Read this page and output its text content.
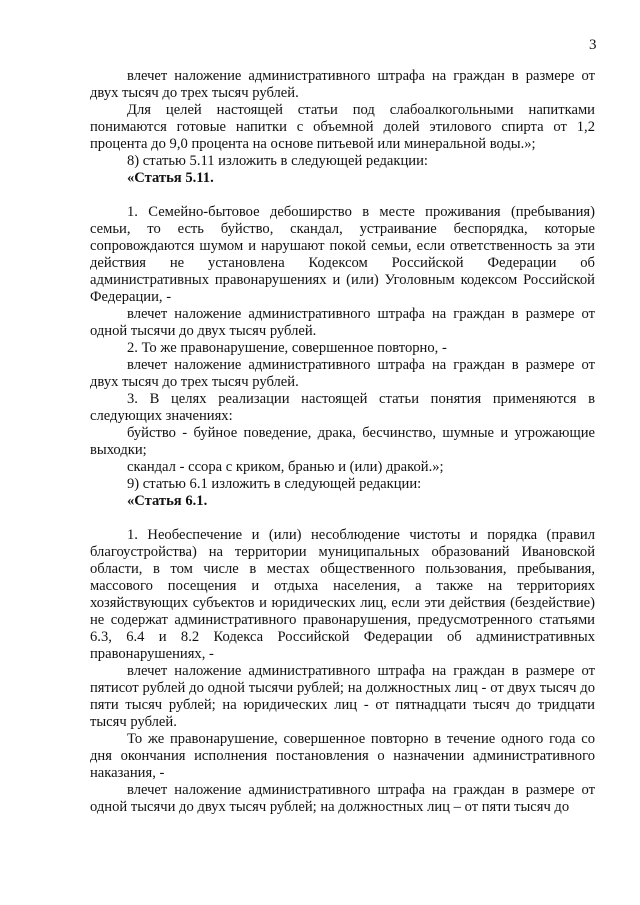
3

влечет наложение административного штрафа на граждан в размере от двух тысяч до трех тысяч рублей.

Для целей настоящей статьи под слабоалкогольными напитками понимаются готовые напитки с объемной долей этилового спирта от 1,2 процента до 9,0 процента на основе питьевой или минеральной воды.»;

8) статью 5.11 изложить в следующей редакции:

«Статья 5.11.

1. Семейно-бытовое дебоширство в месте проживания (пребывания) семьи, то есть буйство, скандал, устраивание беспорядка, которые сопровождаются шумом и нарушают покой семьи, если ответственность за эти действия не установлена Кодексом Российской Федерации об административных правонарушениях и (или) Уголовным кодексом Российской Федерации, -

влечет наложение административного штрафа на граждан в размере от одной тысячи до двух тысяч рублей.

2. То же правонарушение, совершенное повторно, -

влечет наложение административного штрафа на граждан в размере от двух тысяч до трех тысяч рублей.

3. В целях реализации настоящей статьи понятия применяются в следующих значениях:

буйство - буйное поведение, драка, бесчинство, шумные и угрожающие выходки;

скандал - ссора с криком, бранью и (или) дракой.»;

9) статью 6.1 изложить в следующей редакции:

«Статья 6.1.

1. Необеспечение и (или) несоблюдение чистоты и порядка (правил благоустройства) на территории муниципальных образований Ивановской области, в том числе в местах общественного пользования, пребывания, массового посещения и отдыха населения, а также на территориях хозяйствующих субъектов и юридических лиц, если эти действия (бездействие) не содержат административного правонарушения, предусмотренного статьями 6.3, 6.4 и 8.2 Кодекса Российской Федерации об административных правонарушениях, -

влечет наложение административного штрафа на граждан в размере от пятисот рублей до одной тысячи рублей; на должностных лиц - от двух тысяч до пяти тысяч рублей; на юридических лиц - от пятнадцати тысяч до тридцати тысяч рублей.

То же правонарушение, совершенное повторно в течение одного года со дня окончания исполнения постановления о назначении административного наказания, -

влечет наложение административного штрафа на граждан в размере от одной тысячи до двух тысяч рублей; на должностных лиц – от пяти тысяч до
